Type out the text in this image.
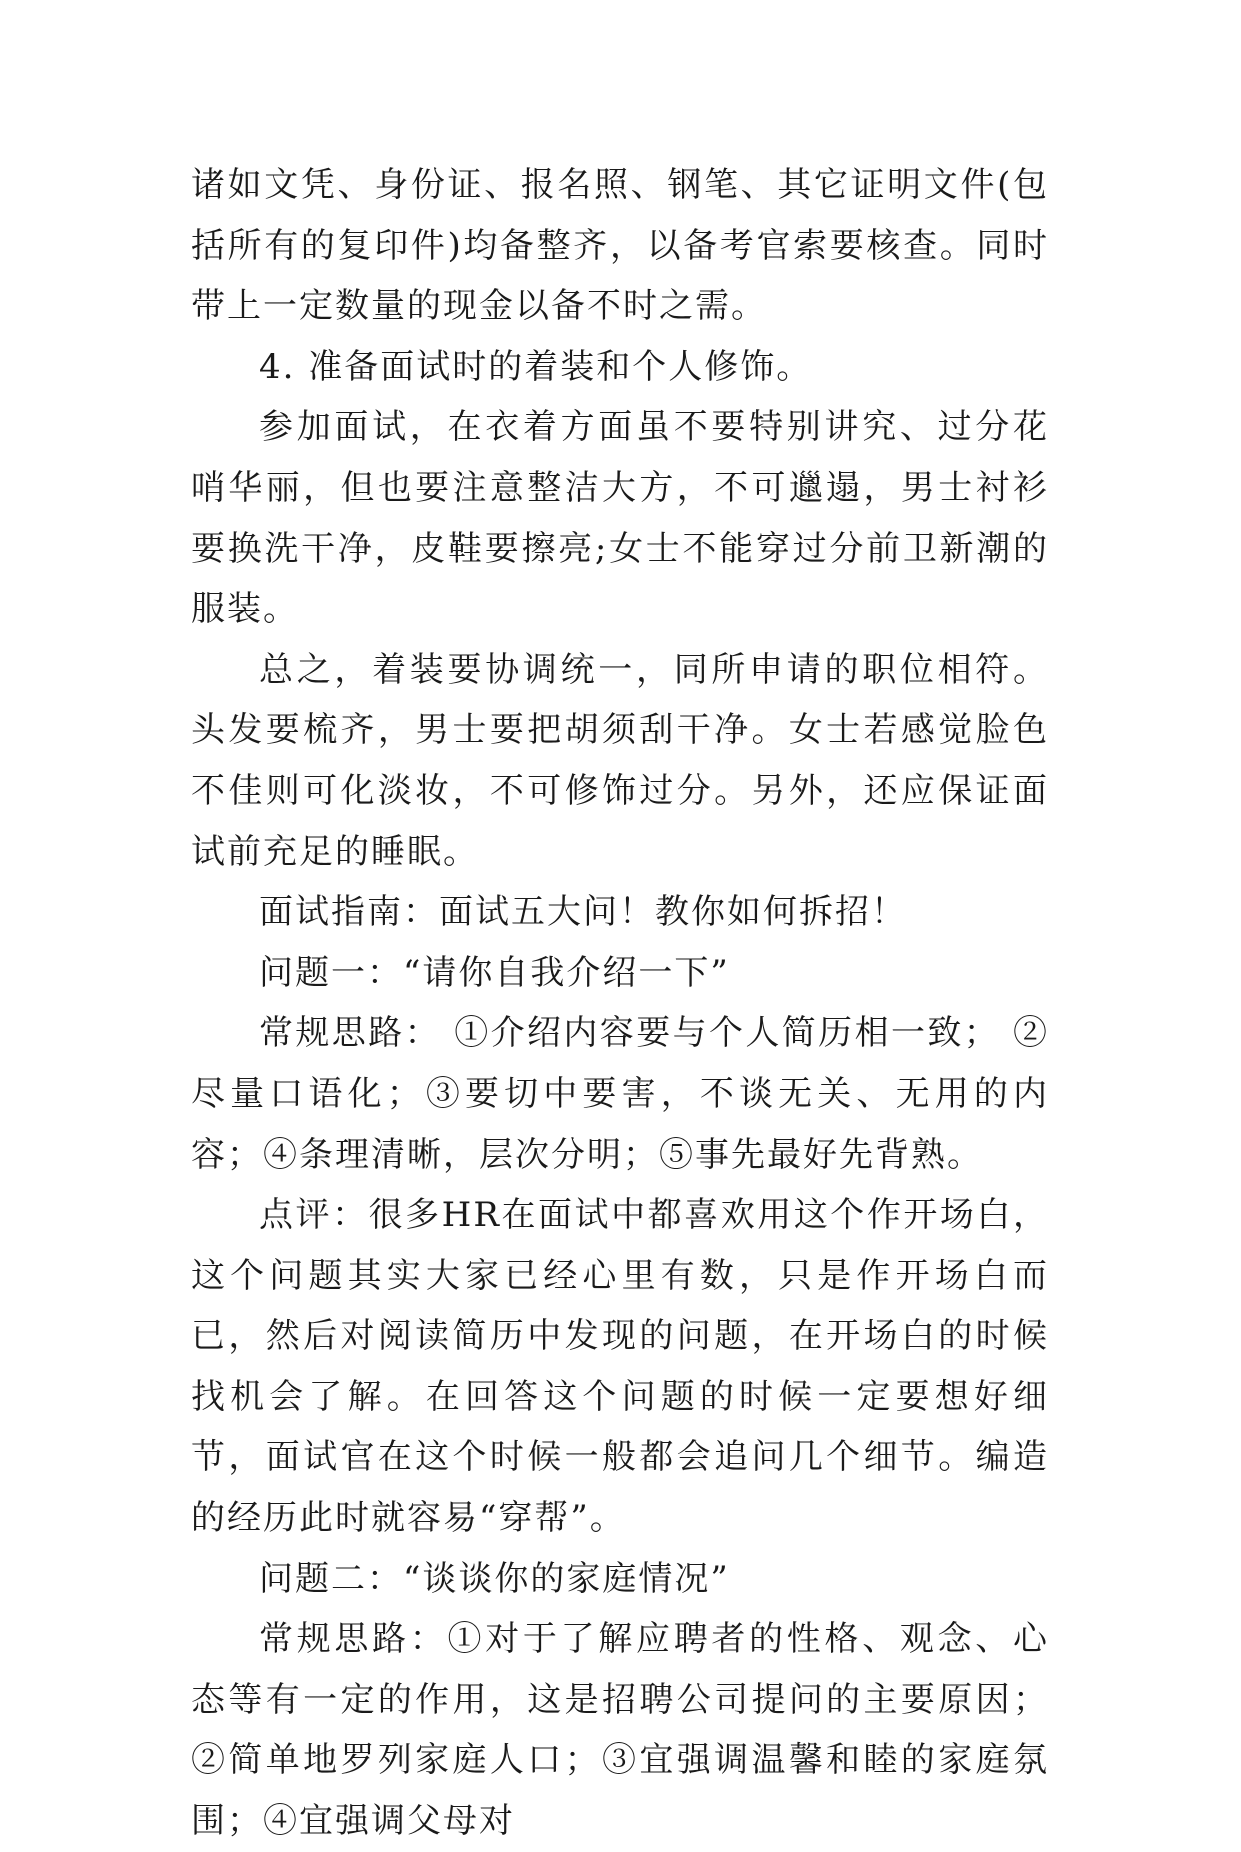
诸如文凭、身份证、报名照、钢笔、其它证明文件(包括所有的复印件)均备整齐，以备考官索要核查。同时带上一定数量的现金以备不时之需。

4. 准备面试时的着装和个人修饰。

参加面试，在衣着方面虽不要特别讲究、过分花哨华丽，但也要注意整洁大方，不可邋遢，男士衬衫要换洗干净，皮鞋要擦亮;女士不能穿过分前卫新潮的服装。

总之，着装要协调统一，同所申请的职位相符。头发要梳齐，男士要把胡须刮干净。女士若感觉脸色不佳则可化淡妆，不可修饰过分。另外，还应保证面试前充足的睡眠。

面试指南：面试五大问！教你如何拆招！

问题一：“请你自我介绍一下”

常规思路： ①介绍内容要与个人简历相一致； ②尽量口语化；③要切中要害，不谈无关、无用的内容；④条理清晰，层次分明；⑤事先最好先背熟。

点评：很多HR在面试中都喜欢用这个作开场白，这个问题其实大家已经心里有数，只是作开场白而已，然后对阅读简历中发现的问题，在开场白的时候找机会了解。在回答这个问题的时候一定要想好细节，面试官在这个时候一般都会追问几个细节。编造的经历此时就容易“穿帮”。

问题二：“谈谈你的家庭情况”

常规思路：①对于了解应聘者的性格、观念、心态等有一定的作用，这是招聘公司提问的主要原因；②简单地罗列家庭人口；③宜强调温馨和睦的家庭氛围；④宜强调父母对
